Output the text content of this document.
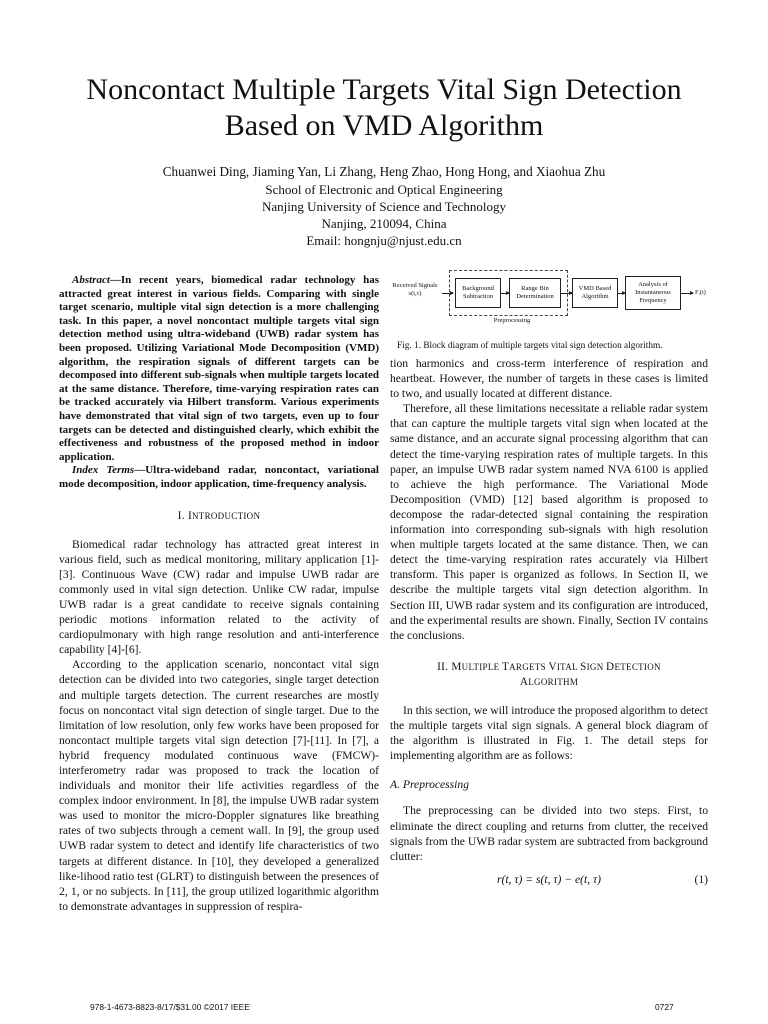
Noncontact Multiple Targets Vital Sign Detection
Based on VMD Algorithm
Chuanwei Ding, Jiaming Yan, Li Zhang, Heng Zhao, Hong Hong, and Xiaohua Zhu
School of Electronic and Optical Engineering
Nanjing University of Science and Technology
Nanjing, 210094, China
Email: hongnju@njust.edu.cn

Abstract—In recent years, biomedical radar technology has attracted great interest in various fields. Comparing with single target scenario, multiple vital sign detection is a more challenging task. In this paper, a novel noncontact multiple targets vital sign detection method using ultra-wideband (UWB) radar system has been proposed. Utilizing Variational Mode Decomposition (VMD) algorithm, the respiration signals of different targets can be decomposed into different sub-signals when multiple targets located at the same distance. Therefore, time-varying respiration rates can be tracked accurately via Hilbert transform. Various experiments have demonstrated that vital sign of two targets, even up to four targets can be detected and distinguished clearly, which exhibit the effectiveness and robustness of the proposed method in indoor application.

Index Terms—Ultra-wideband radar, noncontact, variational mode decomposition, indoor application, time-frequency analysis.

I. INTRODUCTION

Biomedical radar technology has attracted great interest in various field, such as medical monitoring, military application [1]-[3]. Continuous Wave (CW) radar and impulse UWB radar are commonly used in vital sign detection. Unlike CW radar, impulse UWB radar is a great candidate to receive signals containing periodic motions information related to the activity of cardiopulmonary with high range resolution and anti-interference capability [4]-[6].

According to the application scenario, noncontact vital sign detection can be divided into two categories, single target detection and multiple targets detection. The current researches are mostly focus on noncontact vital sign detection of single target. Due to the limitation of low resolution, only few works have been proposed for noncontact multiple targets vital sign detection [7]-[11]. In [7], a hybrid frequency modulated continuous wave (FMCW)-interferometry radar was proposed to track the location of individuals and monitor their life activities regardless of the complex indoor environment. In [8], the impulse UWB radar system was used to monitor the micro-Doppler signatures like breathing rates of two subjects through a cement wall. In [9], the group used UWB radar system to detect and identify life characteristics of two targets at different distance. In [10], they developed a generalized like-lihood ratio test (GLRT) to distinguish between the presences of 2, 1, or no subjects. In [11], the group utilized logarithmic algorithm to demonstrate advantages in suppression of respira-

Received Signals
s(t,τ)
Background
Subtraction
Range Bin
Determination
VMD Based
Algorithm
Analysis of
Instantaneous
Frequency
Fᵢ(t)
Preprocessing
Fig. 1. Block diagram of multiple targets vital sign detection algorithm.

tion harmonics and cross-term interference of respiration and heartbeat. However, the number of targets in these cases is limited to two, and usually located at different distance.

Therefore, all these limitations necessitate a reliable radar system that can capture the multiple targets vital sign when located at the same distance, and an accurate signal processing algorithm that can detect the time-varying respiration rates of multiple targets. In this paper, an impulse UWB radar system named NVA 6100 is applied to achieve the high performance. The Variational Mode Decomposition (VMD) [12] based algorithm is proposed to decompose the radar-detected signal containing the respiration information into corresponding sub-signals with high resolution when multiple targets located at the same distance. Then, we can detect the time-varying respiration rates accurately via Hilbert transform. This paper is organized as follows. In Section II, we describe the multiple targets vital sign detection algorithm. In Section III, UWB radar system and its configuration are introduced, and the experimental results are shown. Finally, Section IV contains the conclusions.

II. MULTIPLE TARGETS VITAL SIGN DETECTION
ALGORITHM

In this section, we will introduce the proposed algorithm to detect the multiple targets vital sign signals. A general block diagram of the algorithm is illustrated in Fig. 1. The detail steps for implementing algorithm are as follows:

A. Preprocessing

The preprocessing can be divided into two steps. First, to eliminate the direct coupling and returns from clutter, the received signals from the UWB radar system are subtracted from background clutter:

r(t, τ) = s(t, τ) − e(t, τ)	(1)
978-1-4673-8823-8/17/$31.00 ©2017 IEEE	0727
